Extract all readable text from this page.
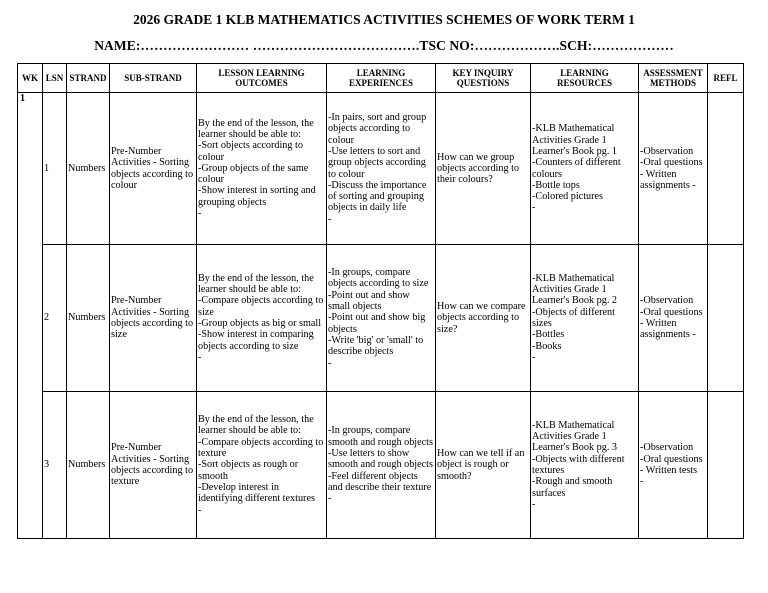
2026 GRADE 1 KLB MATHEMATICS ACTIVITIES SCHEMES OF WORK TERM 1
NAME:…………………… ……………………………….TSC NO:……………….SCH:………………
WK	LSN	STRAND	SUB-STRAND	LESSON LEARNING OUTCOMES	LEARNING EXPERIENCES	KEY INQUIRY QUESTIONS	LEARNING RESOURCES	ASSESSMENT METHODS	REFL
1	1	Numbers	Pre-Number Activities - Sorting objects according to colour	By the end of the lesson, the learner should be able to:
-Sort objects according to colour
-Group objects of the same colour
-Show interest in sorting and grouping objects
-	-In pairs, sort and group objects according to colour
-Use letters to sort and group objects according to colour
-Discuss the importance of sorting and grouping objects in daily life
-	How can we group objects according to their colours?	-KLB Mathematical Activities Grade 1 Learner's Book pg. 1
-Counters of different colours
-Bottle tops
-Colored pictures
-	-Observation
-Oral questions - Written assignments -	

	2	Numbers	Pre-Number Activities - Sorting objects according to size	By the end of the lesson, the learner should be able to:
-Compare objects according to size
-Group objects as big or small
-Show interest in comparing objects according to size
-	-In groups, compare objects according to size
-Point out and show small objects
-Point out and show big objects
-Write 'big' or 'small' to describe objects
-	How can we compare objects according to size?	-KLB Mathematical Activities Grade 1 Learner's Book pg. 2
-Objects of different sizes
-Bottles
-Books
-	-Observation
-Oral questions - Written assignments -	

	3	Numbers	Pre-Number Activities - Sorting objects according to texture	By the end of the lesson, the learner should be able to:
-Compare objects according to texture
-Sort objects as rough or smooth
-Develop interest in identifying different textures
-	-In groups, compare smooth and rough objects
-Use letters to show smooth and rough objects
-Feel different objects and describe their texture
-	How can we tell if an object is rough or smooth?	-KLB Mathematical Activities Grade 1 Learner's Book pg. 3
-Objects with different textures
-Rough and smooth surfaces
-	-Observation
-Oral questions - Written tests
-	
